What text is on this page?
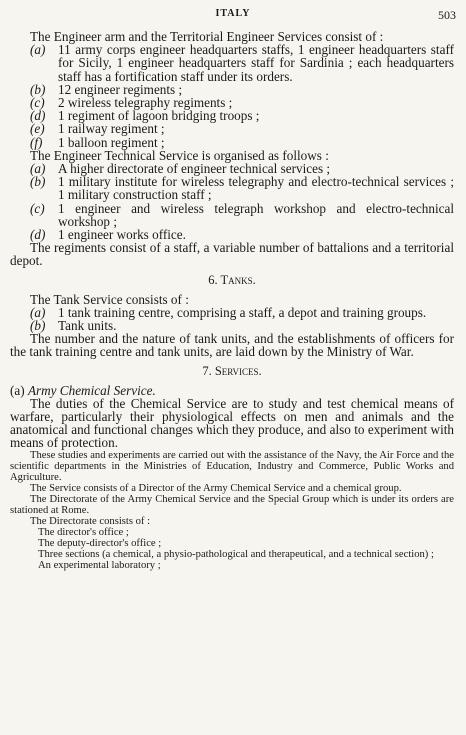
ITALY	503

The Engineer arm and the Territorial Engineer Services consist of :

(a) 11 army corps engineer headquarters staffs, 1 engineer headquarters staff for Sicily, 1 engineer headquarters staff for Sardinia ; each headquarters staff has a fortification staff under its orders.

(b) 12 engineer regiments ;

(c) 2 wireless telegraphy regiments ;

(d) 1 regiment of lagoon bridging troops ;

(e) 1 railway regiment ;

(f) 1 balloon regiment ;

The Engineer Technical Service is organised as follows :

(a) A higher directorate of engineer technical services ;

(b) 1 military institute for wireless telegraphy and electro-technical services ; 1 military construction staff ;

(c) 1 engineer and wireless telegraph workshop and electro-technical workshop ;

(d) 1 engineer works office.

The regiments consist of a staff, a variable number of battalions and a territorial depot.

6. Tanks.

The Tank Service consists of :

(a) 1 tank training centre, comprising a staff, a depot and training groups.

(b) Tank units.

The number and the nature of tank units, and the establishments of officers for the tank training centre and tank units, are laid down by the Ministry of War.

7. Services.

(a) Army Chemical Service.

The duties of the Chemical Service are to study and test chemical means of warfare, particularly their physiological effects on men and animals and the anatomical and functional changes which they produce, and also to experiment with means of protection.

These studies and experiments are carried out with the assistance of the Navy, the Air Force and the scientific departments in the Ministries of Education, Industry and Commerce, Public Works and Agriculture.

The Service consists of a Director of the Army Chemical Service and a chemical group.

The Directorate of the Army Chemical Service and the Special Group which is under its orders are stationed at Rome.

The Directorate consists of :

The director's office ;

The deputy-director's office ;

Three sections (a chemical, a physio-pathological and therapeutical, and a technical section) ;

An experimental laboratory ;
